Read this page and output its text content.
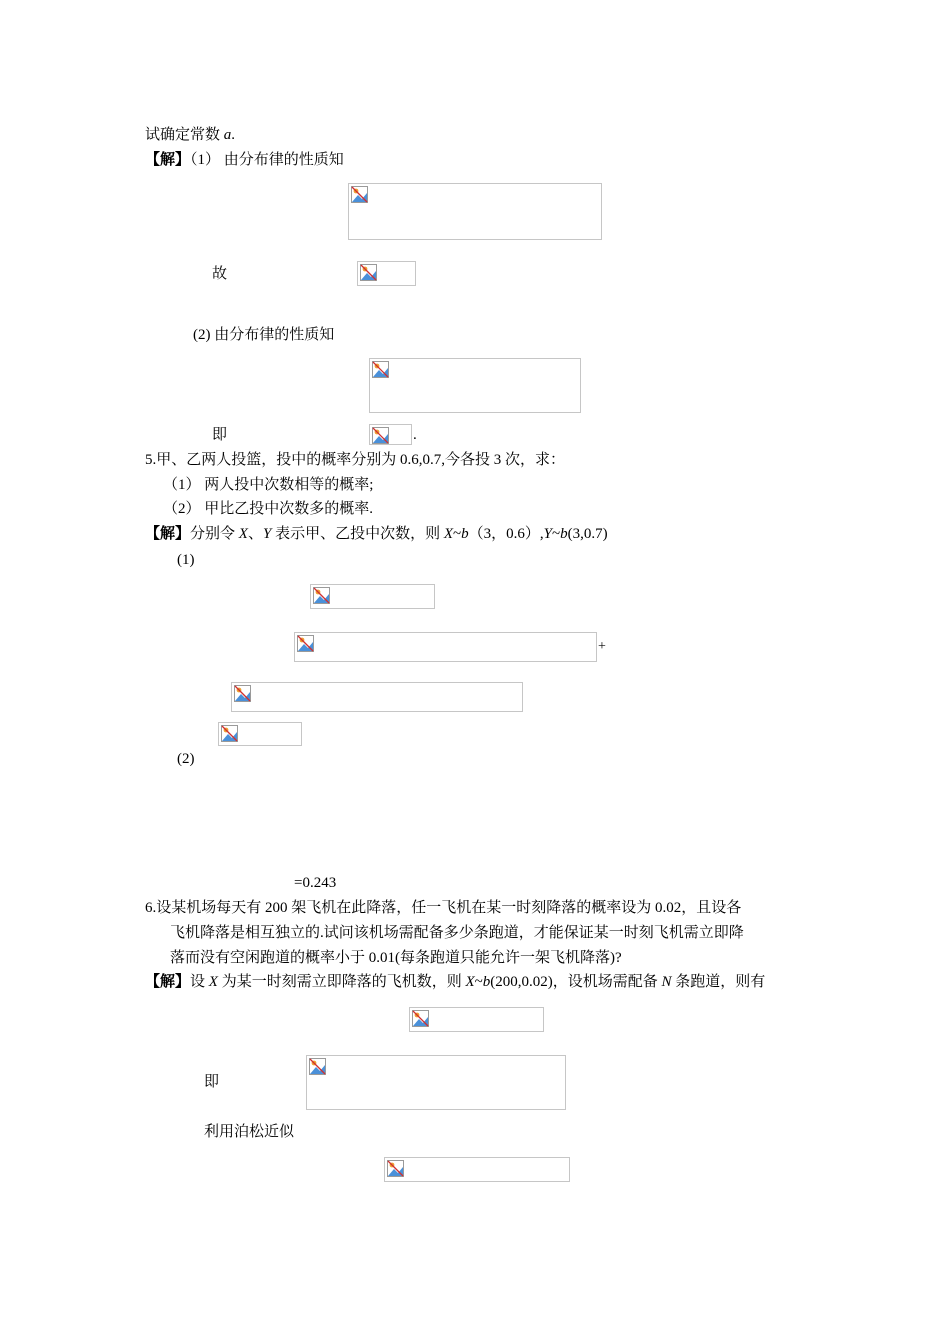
试确定常数 a.
【解】（1） 由分布律的性质知
故
(2) 由分布律的性质知
即	.
5.甲、乙两人投篮，投中的概率分别为 0.6,0.7,今各投 3 次，求：
（1） 两人投中次数相等的概率;
（2） 甲比乙投中次数多的概率.
【解】分别令 X、Y 表示甲、乙投中次数，则 X~b（3，0.6）,Y~b(3,0.7)
(1)
+
(2)
=0.243
6.设某机场每天有 200 架飞机在此降落，任一飞机在某一时刻降落的概率设为 0.02，且设各
飞机降落是相互独立的.试问该机场需配备多少条跑道，才能保证某一时刻飞机需立即降
落而没有空闲跑道的概率小于 0.01(每条跑道只能允许一架飞机降落)?
【解】设 X 为某一时刻需立即降落的飞机数，则 X~b(200,0.02)，设机场需配备 N 条跑道，则有
即
利用泊松近似
